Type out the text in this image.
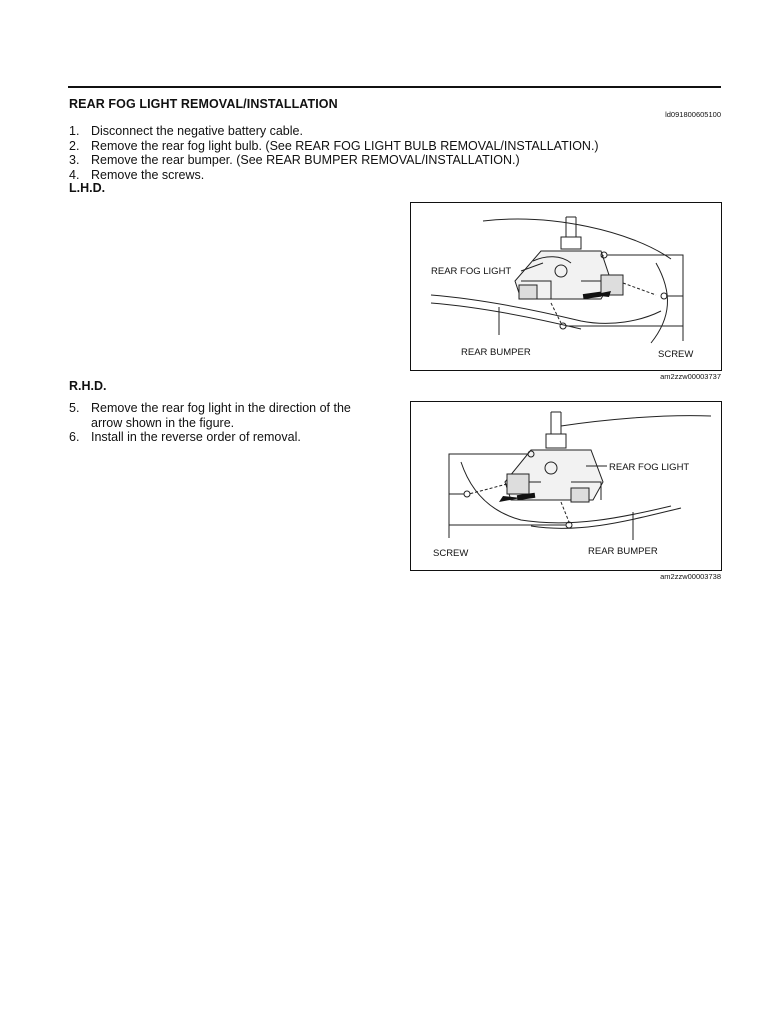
REAR FOG LIGHT REMOVAL/INSTALLATION
ld091800605100
1. Disconnect the negative battery cable.
2. Remove the rear fog light bulb. (See REAR FOG LIGHT BULB REMOVAL/INSTALLATION.)
3. Remove the rear bumper. (See REAR BUMPER REMOVAL/INSTALLATION.)
4. Remove the screws.
L.H.D.
REAR FOG LIGHT
REAR BUMPER	SCREW
am2zzw00003737
R.H.D.
5. Remove the rear fog light in the direction of the arrow shown in the figure.
6. Install in the reverse order of removal.
REAR FOG LIGHT
SCREW	REAR BUMPER
am2zzw00003738
